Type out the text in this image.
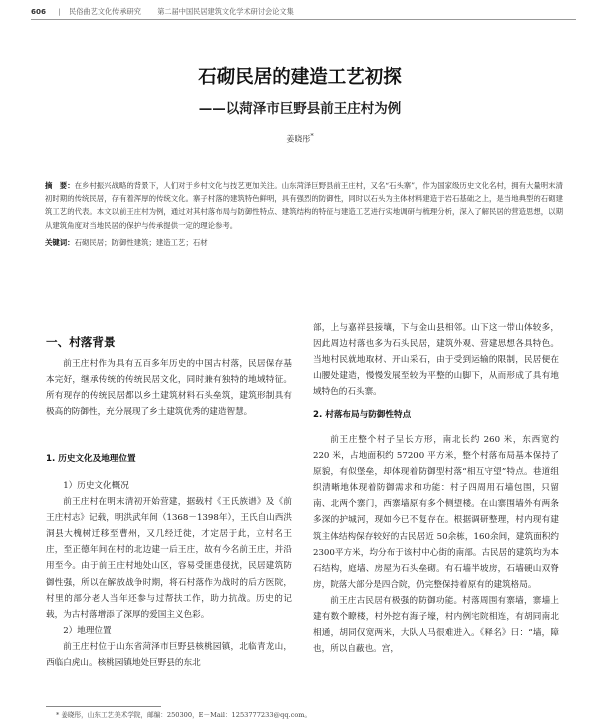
606 | 民俗曲艺文化传承研究 第二届中国民居建筑文化学术研讨会论文集
石砌民居的建造工艺初探
——以菏泽市巨野县前王庄村为例
姜晓彤*
摘　要：在乡村振兴战略的背景下，人们对于乡村文化与技艺更加关注。山东菏泽巨野县前王庄村，又名“石头寨”，作为国家级历史文化名村，拥有大量明末清初时期的传统民居，存有着浑厚的传统文化。寨子村落的建筑特色鲜明，具有强烈的防御性，同时以石头为主体材料建造于岩石基础之上，是当地典型的石砌建筑工艺的代表。本文以前王庄村为例，通过对其村落布局与防御性特点、建筑结构的特征与建造工艺进行实地调研与梳理分析，深入了解民居的营造思想，以期从建筑角度对当地民居的保护与传承提供一定的理论参考。
关键词：石砌民居；防御性建筑；建造工艺；石材
一、村落背景

前王庄村作为具有五百多年历史的中国古村落，民居保存基本完好，继承传统的传统民居文化，同时兼有独特的地域特征。所有现存的传统民居都以乡土建筑材料石头垒筑，建筑形制具有极高的防御性，充分展现了乡土建筑优秀的建造智慧。

1. 历史文化及地理位置
1）历史文化概况

前王庄村在明末清初开始营建，据载村《王氏族谱》及《前王庄村志》记载，明洪武年间（1368－1398年），王氏自山西洪洞县大槐树迁移至曹州，又几经迁徙，才定居于此，立村名王庄，至正德年间在村的北边建一后王庄，故有今名前王庄，并沿用至今。由于前王庄村地处山区，容易受匪患侵扰，民居建筑防御性强，所以在解放战争时期，将石村落作为战时的后方医院，村里的部分老人当年还参与过帮扶工作，助力抗战。历史的记载，为古村落增添了深厚的爱国主义色彩。

2）地理位置

前王庄村位于山东省菏泽市巨野县核桃园镇，北临青龙山，西临白虎山。核桃园镇地处巨野县的东北

部，上与嘉祥县接壤，下与金山县相邻。山下这一带山体较多，因此周边村落也多为石头民居，建筑外观、营建思想各具特色。当地村民就地取材、开山采石，由于受到运输的限制，民居便在山腰处建造，慢慢发展至较为平整的山脚下，从而形成了具有地域特色的石头寨。

2. 村落布局与防御性特点

前王庄整个村子呈长方形，南北长约 260 米，东西宽约 220 米，占地面积约 57200 平方米，整个村落布局基本保持了原貌，有似堡垒，却体现着防御型村落“相互守望”特点。巷道组织清晰地体现着防御需求和功能：村子四周用石墙包围，只留南、北两个寨门，西寨墙原有多个侧望楼。在山寨围墙外有两条多深的护城河，现如今已不复存在。根据调研整理，村内现有建筑主体结构保存较好的古民居近 50余栋，160余间，建筑面积约2300平方米，均分布于该村中心街的南部。古民居的建筑均为本石结构，庭墙、房屋为石头垒砌。有石墙半坡房，石墙硬山双脊房，院落大部分是四合院，仍完整保持着原有的建筑格局。

前王庄古民居有极强的防御功能。村落周围有寨墙，寨墙上建有数个瞭楼，村外挖有海子壕，村内例宅院相连，有胡同南北相通，胡同仅宽两米，大队人马很难进入。《释名》曰：“墙，障也，所以自蔽也。宫，

* 姜晓彤，山东工艺美术学院，邮编：250300，E－Mail：1253777233@qq.com。
